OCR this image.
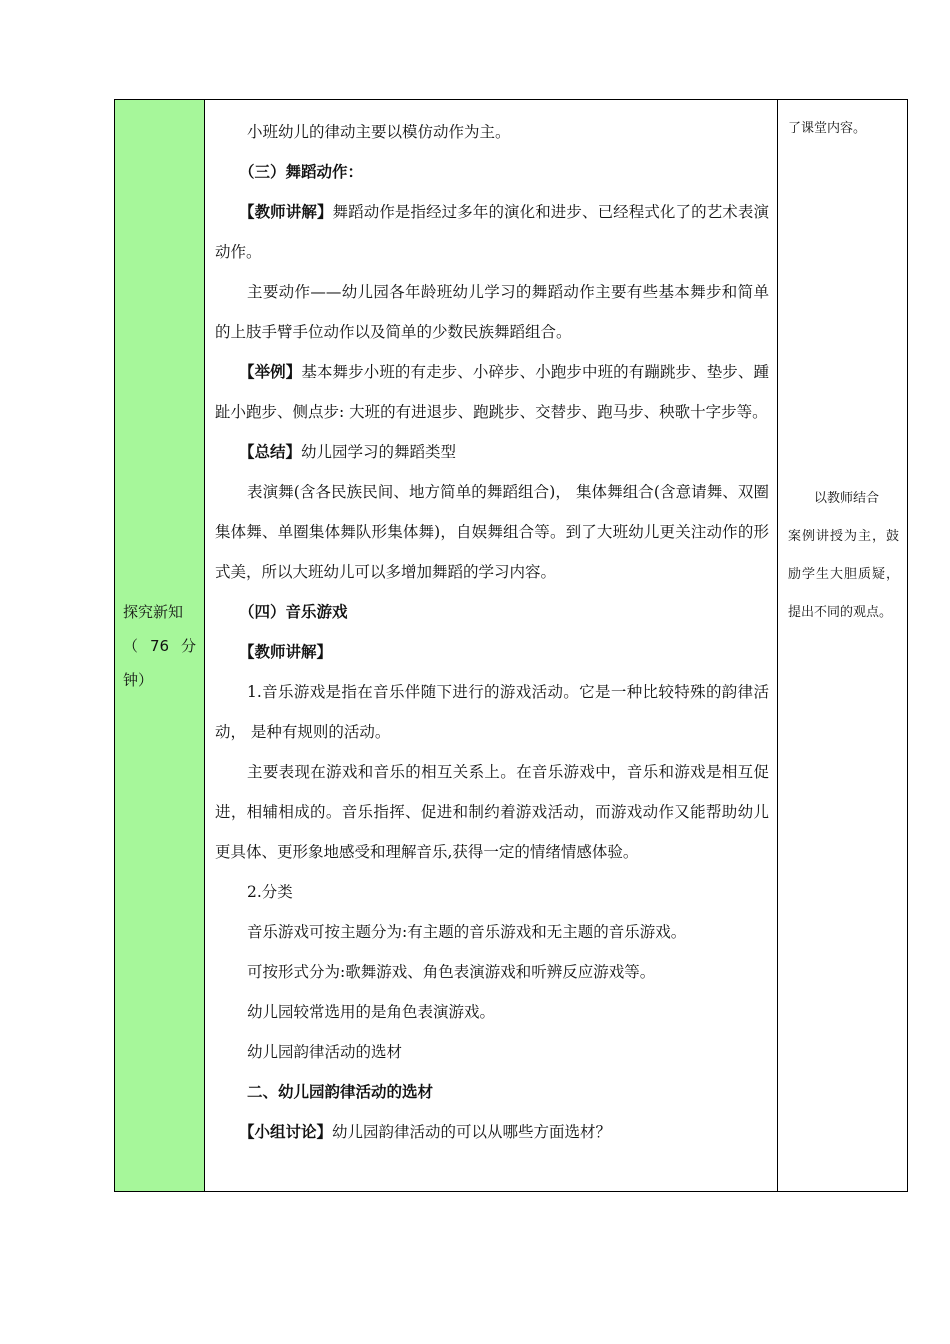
探究新知
（ 76 分
钟）

小班幼儿的律动主要以模仿动作为主。

（三）舞蹈动作：

【教师讲解】舞蹈动作是指经过多年的演化和进步、已经程式化了的艺术表演动作。

主要动作——幼儿园各年龄班幼儿学习的舞蹈动作主要有些基本舞步和简单的上肢手臂手位动作以及简单的少数民族舞蹈组合。

【举例】基本舞步小班的有走步、小碎步、小跑步中班的有蹦跳步、垫步、踵趾小跑步、侧点步: 大班的有进退步、跑跳步、交替步、跑马步、秧歌十字步等。

【总结】幼儿园学习的舞蹈类型

表演舞(含各民族民间、地方简单的舞蹈组合)， 集体舞组合(含意请舞、双圈集体舞、单圈集体舞队形集体舞)，自娱舞组合等。到了大班幼儿更关注动作的形式美，所以大班幼儿可以多增加舞蹈的学习内容。

（四）音乐游戏

【教师讲解】

1.音乐游戏是指在音乐伴随下进行的游戏活动。它是一种比较特殊的韵律活动， 是种有规则的活动。

主要表现在游戏和音乐的相互关系上。在音乐游戏中，音乐和游戏是相互促进，相辅相成的。音乐指挥、促进和制约着游戏活动，而游戏动作又能帮助幼儿更具体、更形象地感受和理解音乐,获得一定的情绪情感体验。

2.分类

音乐游戏可按主题分为:有主题的音乐游戏和无主题的音乐游戏。

可按形式分为:歌舞游戏、角色表演游戏和听辨反应游戏等。

幼儿园较常选用的是角色表演游戏。

幼儿园韵律活动的选材

二、幼儿园韵律活动的选材

【小组讨论】幼儿园韵律活动的可以从哪些方面选材？

了课堂内容。

以教师结合
案例讲授为主，鼓励学生大胆质疑，提出不同的观点。
